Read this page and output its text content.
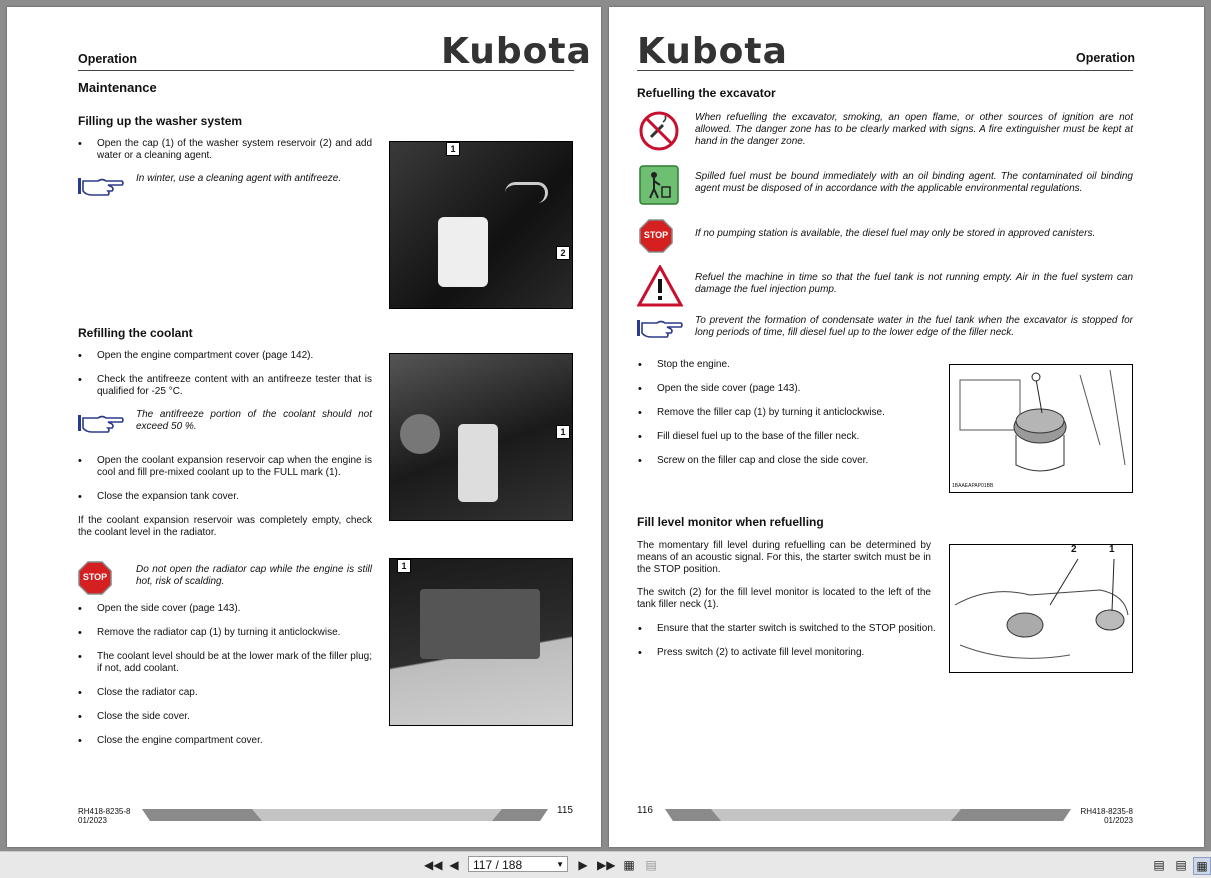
Operation	Kubota
Maintenance
Filling up the washer system
• Open the cap (1) of the washer system reservoir (2) and add water or a cleaning agent.
In winter, use a cleaning agent with antifreeze.
1
2
Refilling the coolant
• Open the engine compartment cover (page 142).
• Check the antifreeze content with an antifreeze tester that is qualified for -25 °C.
The antifreeze portion of the coolant should not exceed 50 %.
• Open the coolant expansion reservoir cap when the engine is cool and fill pre-mixed coolant up to the FULL mark (1).
• Close the expansion tank cover.
If the coolant expansion reservoir was completely empty, check the coolant level in the radiator.
1
STOP
Do not open the radiator cap while the engine is still hot, risk of scalding.
• Open the side cover (page 143).
• Remove the radiator cap (1) by turning it anticlockwise.
• The coolant level should be at the lower mark of the filler plug; if not, add coolant.
• Close the radiator cap.
• Close the side cover.
• Close the engine compartment cover.
1
RH418-8235-8
01/2023
115
Kubota	Operation
Refuelling the excavator
When refuelling the excavator, smoking, an open flame, or other sources of ignition are not allowed. The danger zone has to be clearly marked with signs. A fire extinguisher must be kept at hand in the danger zone.
Spilled fuel must be bound immediately with an oil binding agent. The contaminated oil binding agent must be disposed of in accordance with the applicable environmental regulations.
STOP	If no pumping station is available, the diesel fuel may only be stored in approved canisters.
Refuel the machine in time so that the fuel tank is not running empty. Air in the fuel system can damage the fuel injection pump.
To prevent the formation of condensate water in the fuel tank when the excavator is stopped for long periods of time, fill diesel fuel up to the lower edge of the filler neck.
• Stop the engine.
• Open the side cover (page 143).
• Remove the filler cap (1) by turning it anticlockwise.
• Fill diesel fuel up to the base of the filler neck.
• Screw on the filler cap and close the side cover.
1BAAEAPAP01BB
Fill level monitor when refuelling
The momentary fill level during refuelling can be determined by means of an acoustic signal. For this, the starter switch must be in the STOP position.
The switch (2) for the fill level monitor is located to the left of the tank filler neck (1).
• Ensure that the starter switch is switched to the STOP position.
• Press switch (2) to activate fill level monitoring.
2	1
116	RH418-8235-8
01/2023
◀◀ ◀	117 / 188	▼ ▶ ▶▶ ▦ ▤	▤ ▤ ▦
